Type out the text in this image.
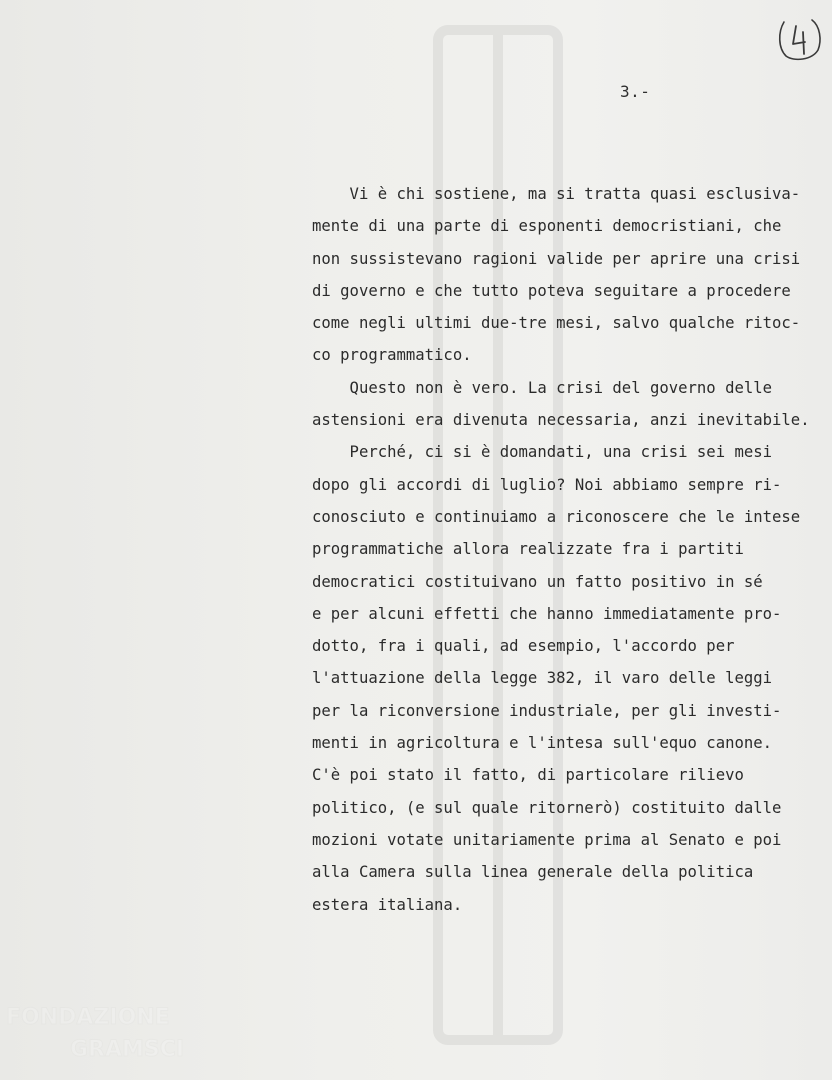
FONDAZIONE
GRAMSCI
3.-
Vi è chi sostiene, ma si tratta quasi esclusiva-
mente di una parte di esponenti democristiani, che
non sussistevano ragioni valide per aprire una crisi
di governo e che tutto poteva seguitare a procedere
come negli ultimi due-tre mesi, salvo qualche ritoc-
co programmatico.
Questo non è vero. La crisi del governo delle
astensioni era divenuta necessaria, anzi inevitabile.
Perché, ci si è domandati, una crisi sei mesi
dopo gli accordi di luglio? Noi abbiamo sempre ri-
conosciuto e continuiamo a riconoscere che le intese
programmatiche allora realizzate fra i partiti
democratici costituivano un fatto positivo in sé
e per alcuni effetti che hanno immediatamente pro-
dotto, fra i quali, ad esempio, l'accordo per
l'attuazione della legge 382, il varo delle leggi
per la riconversione industriale, per gli investi-
menti in agricoltura e l'intesa sull'equo canone.
C'è poi stato il fatto, di particolare rilievo
politico, (e sul quale ritornerò) costituito dalle
mozioni votate unitariamente prima al Senato e poi
alla Camera sulla linea generale della politica
estera italiana.
